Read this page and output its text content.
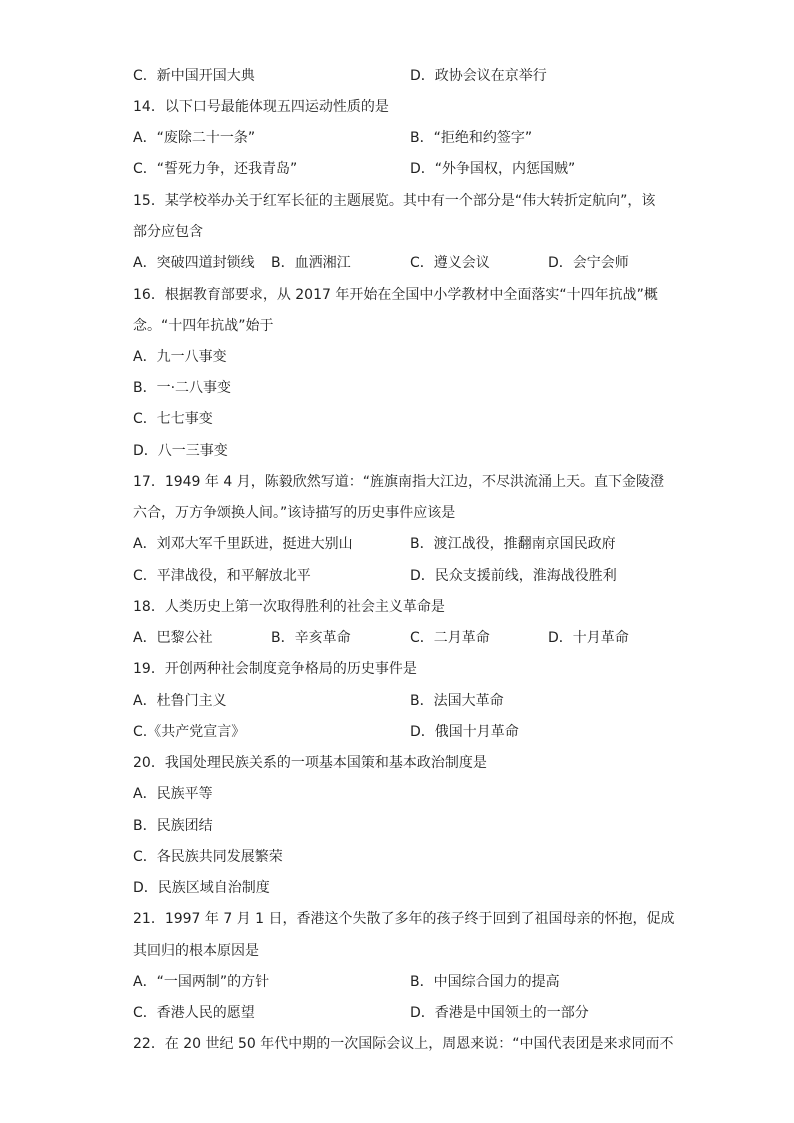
C．新中国开国大典	D．政协会议在京举行
14．以下口号最能体现五四运动性质的是
A．“废除二十一条”	B．“拒绝和约签字”
C．“誓死力争，还我青岛”	D．“外争国权，内惩国贼”
15．某学校举办关于红军长征的主题展览。其中有一个部分是“伟大转折定航向”，该
部分应包含
A．突破四道封锁线 B．血洒湘江	C．遵义会议	D．会宁会师
16．根据教育部要求，从 2017 年开始在全国中小学教材中全面落实“十四年抗战”概
念。“十四年抗战”始于
A．九一八事变
B．一·二八事变
C．七七事变
D．八一三事变
17．1949 年 4 月，陈毅欣然写道：“旌旗南指大江边，不尽洪流涌上天。直下金陵澄
六合，万方争颂换人间。”该诗描写的历史事件应该是
A．刘邓大军千里跃进，挺进大别山	B．渡江战役，推翻南京国民政府
C．平津战役，和平解放北平	D．民众支援前线，淮海战役胜利
18．人类历史上第一次取得胜利的社会主义革命是
A．巴黎公社	B．辛亥革命	C．二月革命	D．十月革命
19．开创两种社会制度竞争格局的历史事件是
A．杜鲁门主义	B．法国大革命
C.《共产党宣言》	D．俄国十月革命
20．我国处理民族关系的一项基本国策和基本政治制度是
A．民族平等
B．民族团结
C．各民族共同发展繁荣
D．民族区域自治制度
21．1997 年 7 月 1 日，香港这个失散了多年的孩子终于回到了祖国母亲的怀抱，促成
其回归的根本原因是
A．“一国两制”的方针	B．中国综合国力的提高
C．香港人民的愿望	D．香港是中国领土的一部分
22．在 20 世纪 50 年代中期的一次国际会议上，周恩来说：“中国代表团是来求同而不
